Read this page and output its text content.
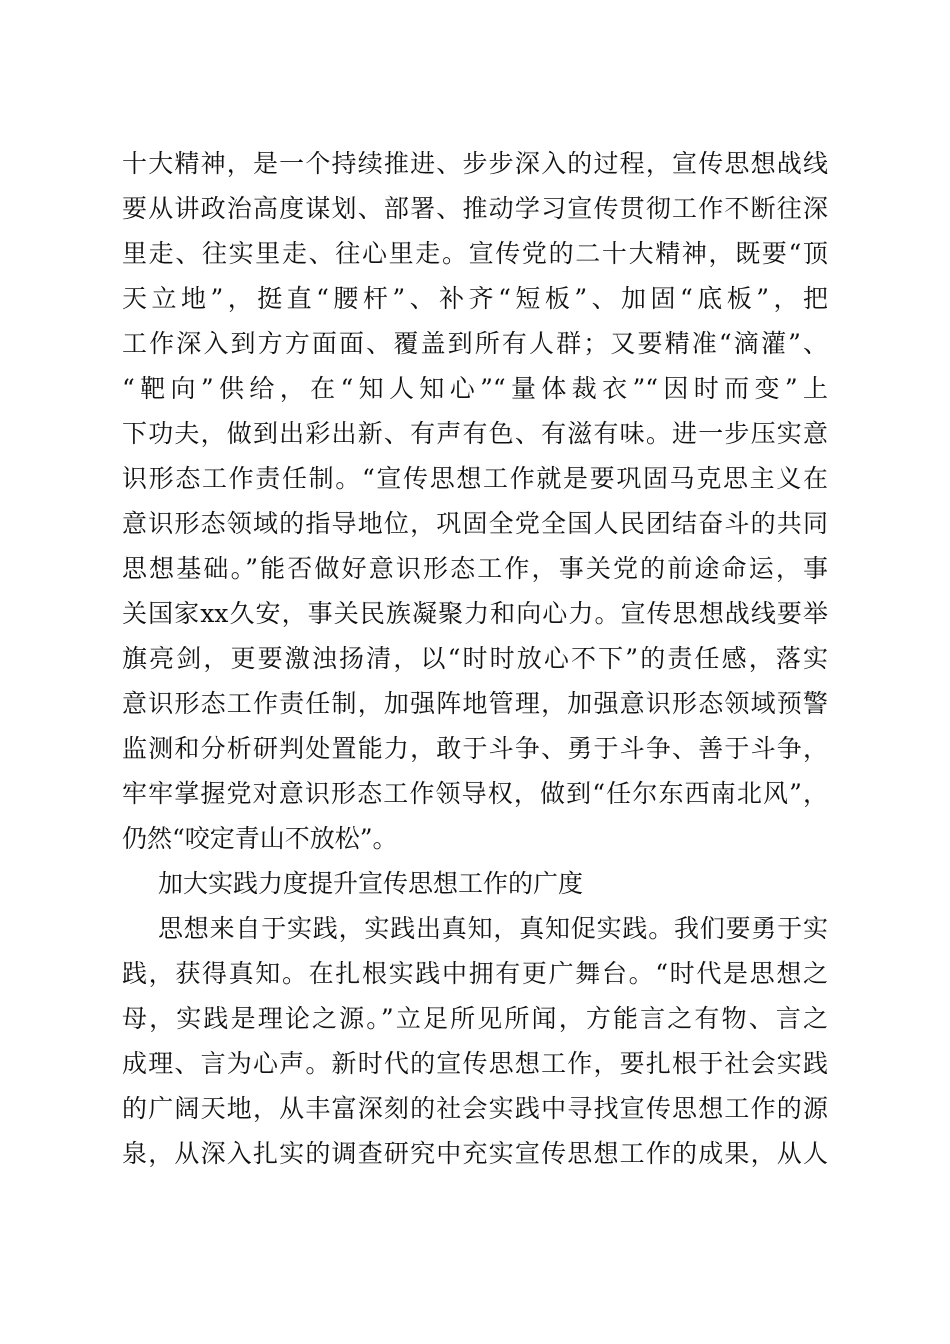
十大精神，是一个持续推进、步步深入的过程，宣传思想战线
要从讲政治高度谋划、部署、推动学习宣传贯彻工作不断往深
里走、往实里走、往心里走。宣传党的二十大精神，既要“顶
天立地”，挺直“腰杆”、补齐“短板”、加固“底板”，把
工作深入到方方面面、覆盖到所有人群；又要精准“滴灌”、
“靶向”供给，在“知人知心”“量体裁衣”“因时而变”上
下功夫，做到出彩出新、有声有色、有滋有味。进一步压实意
识形态工作责任制。“宣传思想工作就是要巩固马克思主义在
意识形态领域的指导地位，巩固全党全国人民团结奋斗的共同
思想基础。”能否做好意识形态工作，事关党的前途命运，事
关国家xx久安，事关民族凝聚力和向心力。宣传思想战线要举
旗亮剑，更要激浊扬清，以“时时放心不下”的责任感，落实
意识形态工作责任制，加强阵地管理，加强意识形态领域预警
监测和分析研判处置能力，敢于斗争、勇于斗争、善于斗争，
牢牢掌握党对意识形态工作领导权，做到“任尔东西南北风”，
仍然“咬定青山不放松”。
加大实践力度提升宣传思想工作的广度
思想来自于实践，实践出真知，真知促实践。我们要勇于实
践，获得真知。在扎根实践中拥有更广舞台。“时代是思想之
母，实践是理论之源。”立足所见所闻，方能言之有物、言之
成理、言为心声。新时代的宣传思想工作，要扎根于社会实践
的广阔天地，从丰富深刻的社会实践中寻找宣传思想工作的源
泉，从深入扎实的调查研究中充实宣传思想工作的成果，从人
